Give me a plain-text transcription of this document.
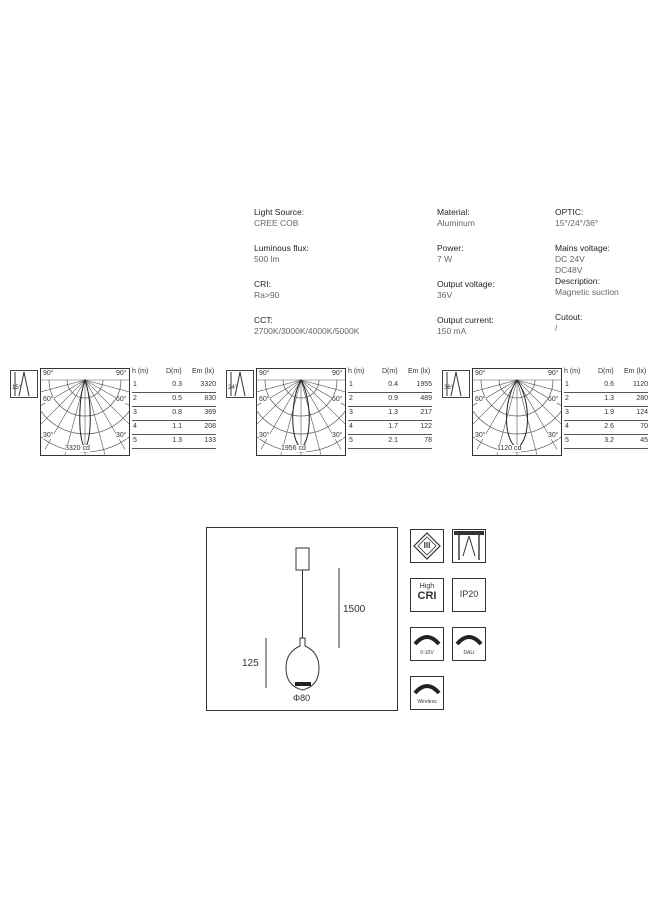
Light Source:
CREE COB
Luminous flux:
500 lm
CRI:
Ra>90
CCT:
2700K/3000K/4000K/5000K
Material:
Aluminum
Power:
7 W
Output voltage:
36V
Output current:
150 mA
OPTIC:
15°/24°/36°
Mains voltage:
DC 24V
DC48V
Description:
Magnetic suction
Cutout:
/
15°
90°	90°
60°	60°
30°	30°
3320 cd
h (m)	D(m) Em (lx)
1	0.3	3320
2	0.5	830
3	0.8	369
4	1.1	208
5	1.3	133
24°
90°	90°
60°	60°
30°	30°
1956 cd
h (m)	D(m) Em (lx)
1	0.4	1955
2	0.9	489
3	1.3	217
4	1.7	122
5	2.1	78
36°
90°	90°
60°	60°
30°	30°
1120 cd
h (m)	D(m) Em (lx)
1	0.6	1120
2	1.3	280
3	1.9	124
4	2.6	70
5	3.2	45
1500
125
Φ80
III
High
CRI	IP20
0-10V	DALI
Wireless
